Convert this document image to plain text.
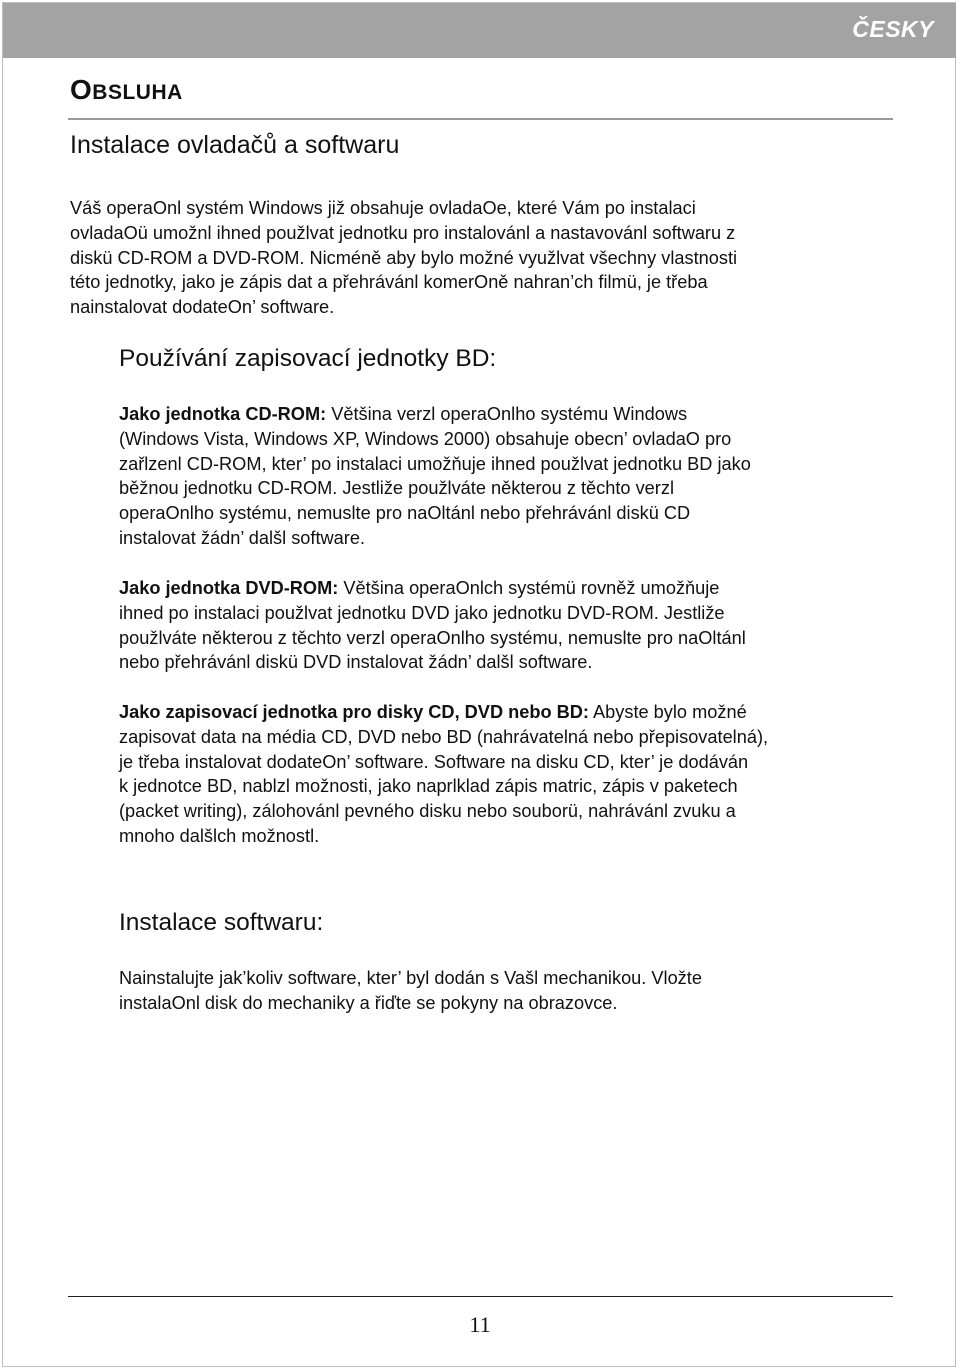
ČESKY
OBSLUHA
Instalace ovladačů a softwaru
Váš operaOnl systém Windows již obsahuje ovladaOe, které Vám po instalaci
ovladaOü umožnl ihned použlvat jednotku pro instalovánl a nastavovánl softwaru z
diskü CD-ROM a DVD-ROM. Nicméně aby bylo možné využlvat všechny vlastnosti
této jednotky, jako je zápis dat a přehrávánl komerOně nahran’ch filmü, je třeba
nainstalovat dodateOn’ software.
Používání zapisovací jednotky BD:
Jako jednotka CD-ROM: Většina verzl operaOnlho systému Windows
(Windows Vista, Windows XP, Windows 2000) obsahuje obecn’ ovladaO pro
zařlzenl CD-ROM, kter’ po instalaci umožňuje ihned použlvat jednotku BD jako
běžnou jednotku CD-ROM. Jestliže použlváte některou z těchto verzl
operaOnlho systému, nemuslte pro naOltánl nebo přehrávánl diskü CD
instalovat žádn’ dalšl software.
Jako jednotka DVD-ROM: Většina operaOnlch systémü rovněž umožňuje
ihned po instalaci použlvat jednotku DVD jako jednotku DVD-ROM. Jestliže
použlváte některou z těchto verzl operaOnlho systému, nemuslte pro naOltánl
nebo přehrávánl diskü DVD instalovat žádn’ dalšl software.
Jako zapisovací jednotka pro disky CD, DVD nebo BD: Abyste bylo možné
zapisovat data na média CD, DVD nebo BD (nahrávatelná nebo přepisovatelná),
je třeba instalovat dodateOn’ software. Software na disku CD, kter’ je dodáván
k jednotce BD, nablzl možnosti, jako naprlklad zápis matric, zápis v paketech
(packet writing), zálohovánl pevného disku nebo souborü, nahrávánl zvuku a
mnoho dalšlch možnostl.
Instalace softwaru:
Nainstalujte jak’koliv software, kter’ byl dodán s Vašl mechanikou. Vložte
instalaOnl disk do mechaniky a řiďte se pokyny na obrazovce.
11
